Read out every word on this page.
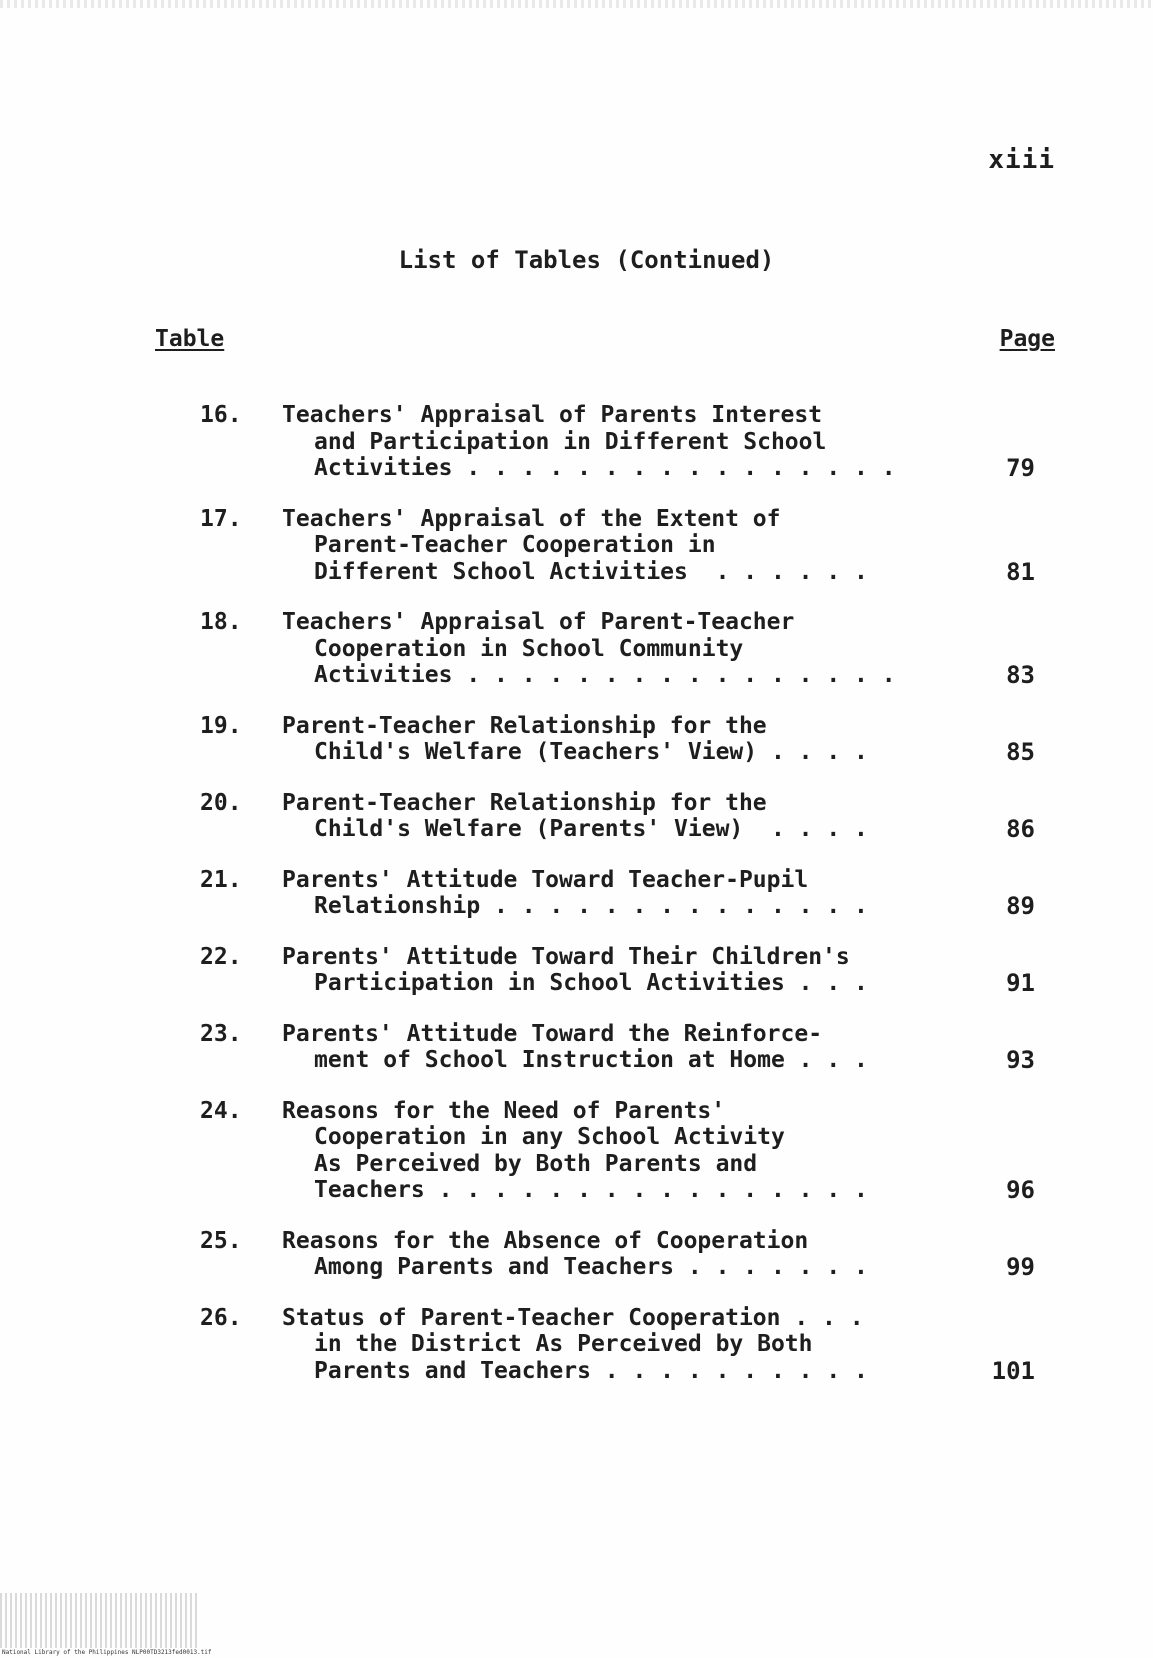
xiii
List of Tables (Continued)
Table	Page
16. Teachers' Appraisal of Parents Interest
and Participation in Different School
Activities . . . . . . . . . . . . . . . .	79
17. Teachers' Appraisal of the Extent of
Parent-Teacher Cooperation in
Different School Activities  . . . . . .	81
18. Teachers' Appraisal of Parent-Teacher
Cooperation in School Community
Activities . . . . . . . . . . . . . . . .	83
19. Parent-Teacher Relationship for the
Child's Welfare (Teachers' View) . . . .	85
20. Parent-Teacher Relationship for the
Child's Welfare (Parents' View)  . . . .	86
21. Parents' Attitude Toward Teacher-Pupil
Relationship . . . . . . . . . . . . . .	89
22. Parents' Attitude Toward Their Children's
Participation in School Activities . . .	91
23. Parents' Attitude Toward the Reinforce-
ment of School Instruction at Home . . .	93
24. Reasons for the Need of Parents'
Cooperation in any School Activity
As Perceived by Both Parents and
Teachers . . . . . . . . . . . . . . . .	96
25. Reasons for the Absence of Cooperation
Among Parents and Teachers . . . . . . .	99
26. Status of Parent-Teacher Cooperation . . .
in the District As Perceived by Both
Parents and Teachers . . . . . . . . . .	101
National Library of the Philippines NLP00TD3213fed0013.tif
